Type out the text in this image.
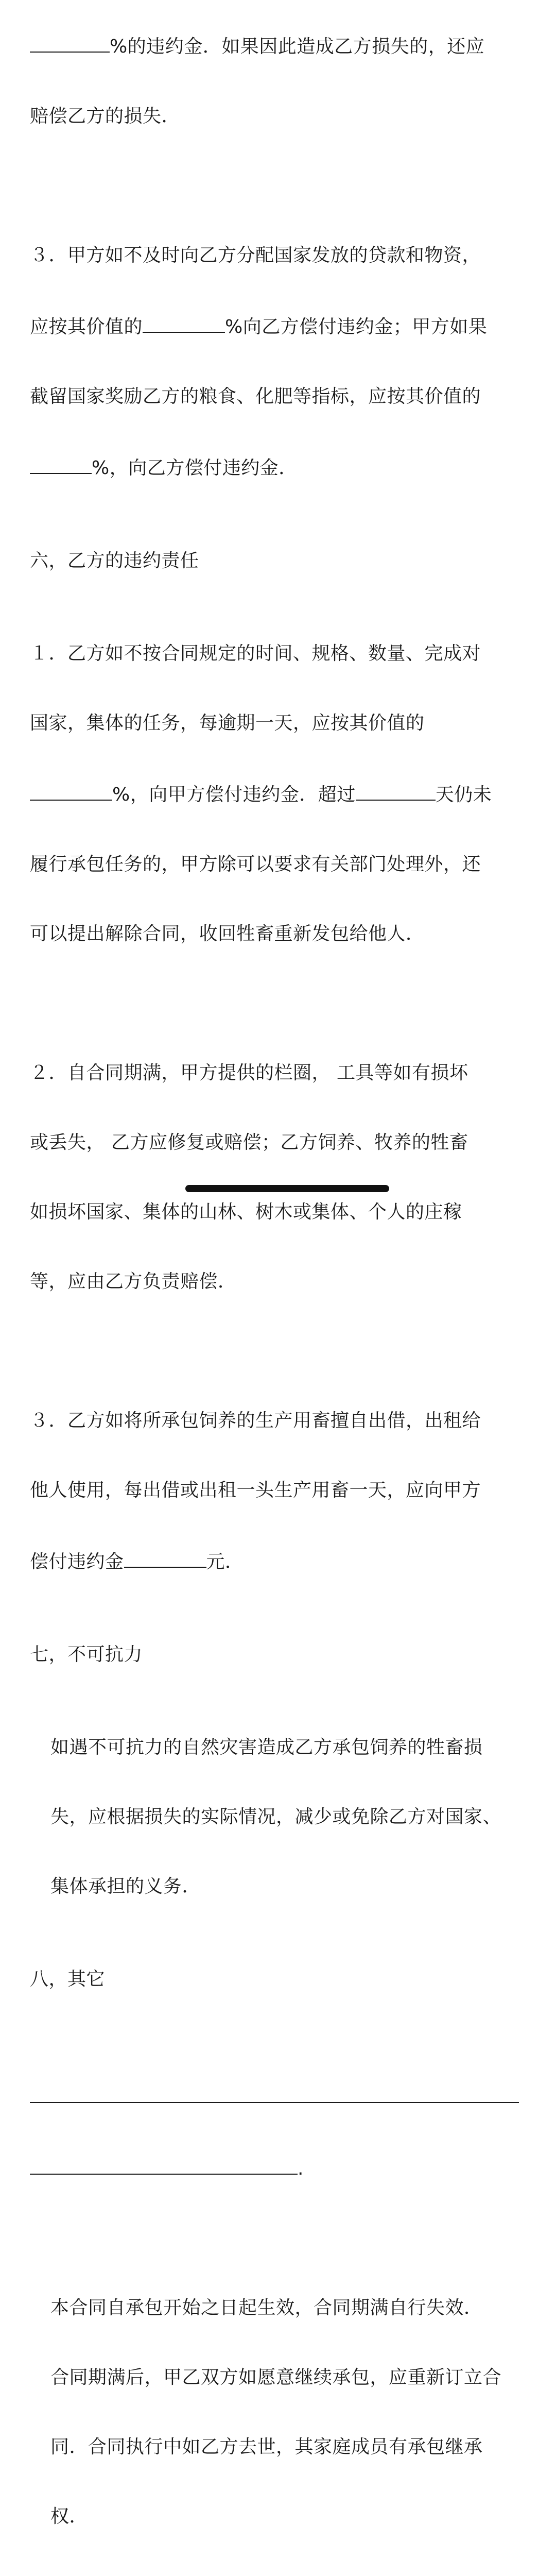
%的违约金．如果因此造成乙方损失的，还应

赔偿乙方的损失．

３．甲方如不及时向乙方分配国家发放的贷款和物资，

应按其价值的	%向乙方偿付违约金；甲方如果

截留国家奖励乙方的粮食、化肥等指标，应按其价值的

%，向乙方偿付违约金．

六，乙方的违约责任

１．乙方如不按合同规定的时间、规格、数量、完成对

国家，集体的任务，每逾期一天，应按其价值的

%，向甲方偿付违约金．超过	天仍未

履行承包任务的，甲方除可以要求有关部门处理外，还

可以提出解除合同，收回牲畜重新发包给他人．

２．自合同期满，甲方提供的栏圈， 工具等如有损坏

或丢失， 乙方应修复或赔偿；乙方饲养、牧养的牲畜

如损坏国家、集体的山林、树木或集体、个人的庄稼

等，应由乙方负责赔偿．

３．乙方如将所承包饲养的生产用畜擅自出借，出租给

他人使用，每出借或出租一头生产用畜一天，应向甲方

偿付违约金	元．

七，不可抗力

如遇不可抗力的自然灾害造成乙方承包饲养的牲畜损

失，应根据损失的实际情况，减少或免除乙方对国家、

集体承担的义务．

八，其它

.

本合同自承包开始之日起生效，合同期满自行失效．

合同期满后，甲乙双方如愿意继续承包，应重新订立合

同．合同执行中如乙方去世，其家庭成员有承包继承

权．
